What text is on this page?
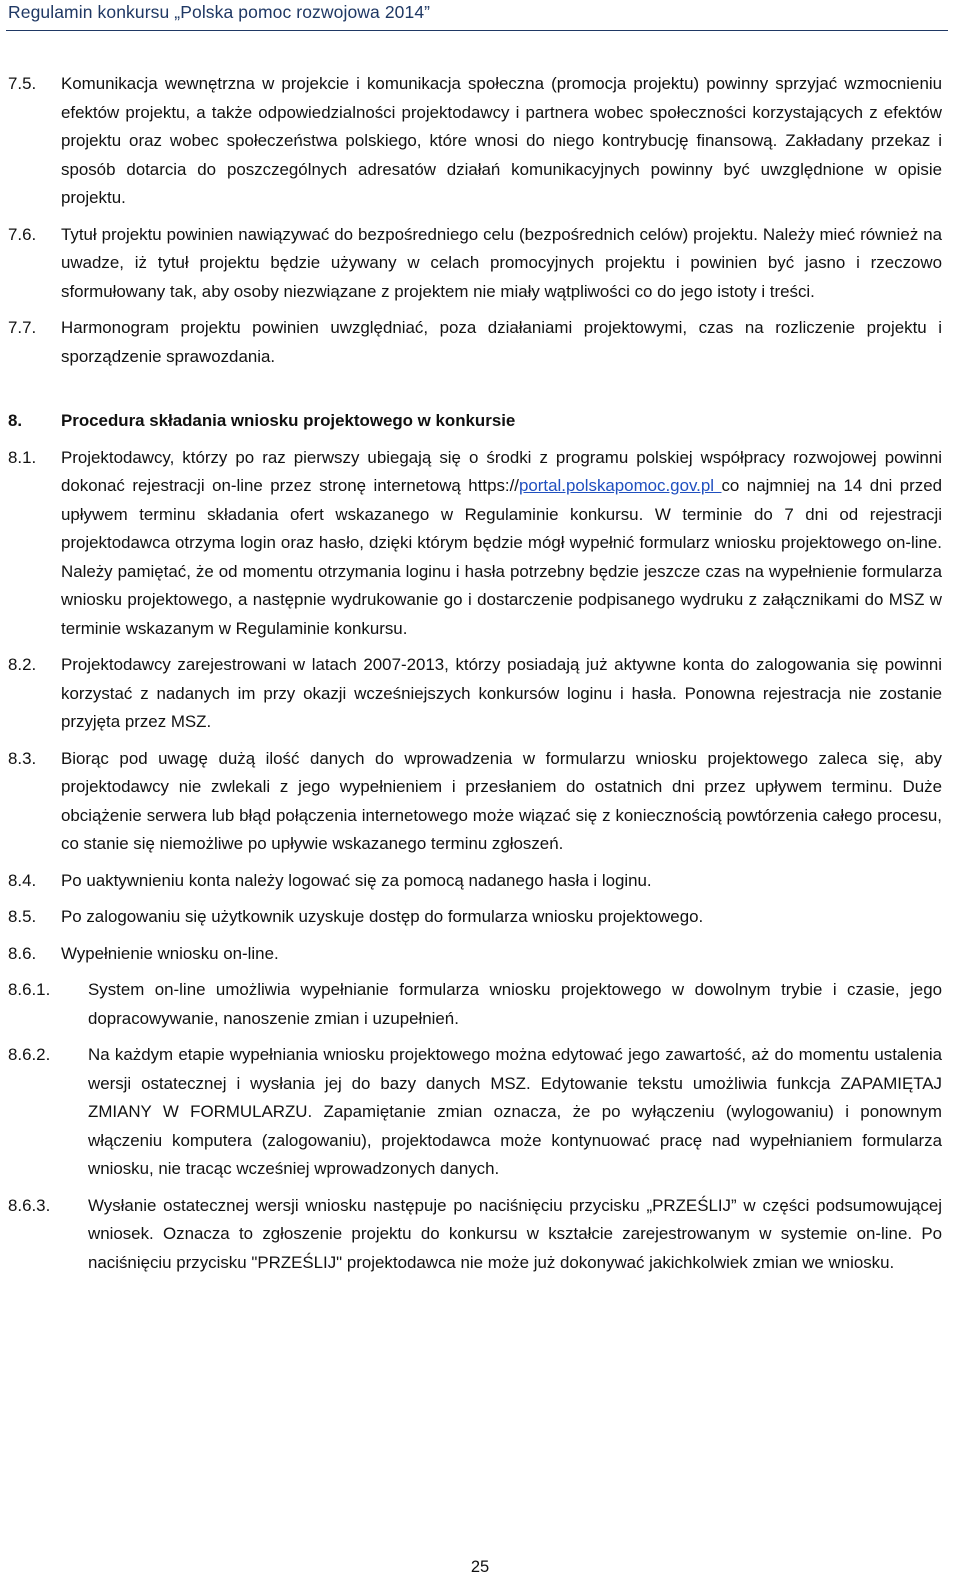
Regulamin konkursu „Polska pomoc rozwojowa 2014”
7.5.	Komunikacja wewnętrzna w projekcie i komunikacja społeczna (promocja projektu) powinny sprzyjać wzmocnieniu efektów projektu, a także odpowiedzialności projektodawcy i partnera wobec społeczności korzystających z efektów projektu oraz wobec społeczeństwa polskiego, które wnosi do niego kontrybucję finansową. Zakładany przekaz i sposób dotarcia do poszczególnych adresatów działań komunikacyjnych powinny być uwzględnione w opisie projektu.
7.6.	Tytuł projektu powinien nawiązywać do bezpośredniego celu (bezpośrednich celów) projektu. Należy mieć również na uwadze, iż tytuł projektu będzie używany w celach promocyjnych projektu i powinien być jasno i rzeczowo sformułowany tak, aby osoby niezwiązane z projektem nie miały wątpliwości co do jego istoty i treści.
7.7.	Harmonogram projektu powinien uwzględniać, poza działaniami projektowymi, czas na rozliczenie projektu i sporządzenie sprawozdania.
8.	Procedura składania wniosku projektowego w konkursie
8.1.	Projektodawcy, którzy po raz pierwszy ubiegają się o środki z programu polskiej współpracy rozwojowej powinni dokonać rejestracji on-line przez stronę internetową https://portal.polskapomoc.gov.pl co najmniej na 14 dni przed upływem terminu składania ofert wskazanego w Regulaminie konkursu. W terminie do 7 dni od rejestracji projektodawca otrzyma login oraz hasło, dzięki którym będzie mógł wypełnić formularz wniosku projektowego on-line. Należy pamiętać, że od momentu otrzymania loginu i hasła potrzebny będzie jeszcze czas na wypełnienie formularza wniosku projektowego, a następnie wydrukowanie go i dostarczenie podpisanego wydruku z załącznikami do MSZ w terminie wskazanym w Regulaminie konkursu.
8.2.	Projektodawcy zarejestrowani w latach 2007-2013, którzy posiadają już aktywne konta do zalogowania się powinni korzystać z nadanych im przy okazji wcześniejszych konkursów loginu i hasła. Ponowna rejestracja nie zostanie przyjęta przez MSZ.
8.3.	Biorąc pod uwagę dużą ilość danych do wprowadzenia w formularzu wniosku projektowego zaleca się, aby projektodawcy nie zwlekali z jego wypełnieniem i przesłaniem do ostatnich dni przez upływem terminu. Duże obciążenie serwera lub błąd połączenia internetowego może wiązać się z koniecznością powtórzenia całego procesu, co stanie się niemożliwe po upływie wskazanego terminu zgłoszeń.
8.4.	Po uaktywnieniu konta należy logować się za pomocą nadanego hasła i loginu.
8.5.	Po zalogowaniu się użytkownik uzyskuje dostęp do formularza wniosku projektowego.
8.6.	Wypełnienie wniosku on-line.
8.6.1.	System on-line umożliwia wypełnianie formularza wniosku projektowego w dowolnym trybie i czasie, jego dopracowywanie, nanoszenie zmian i uzupełnień.
8.6.2.	Na każdym etapie wypełniania wniosku projektowego można edytować jego zawartość, aż do momentu ustalenia wersji ostatecznej i wysłania jej do bazy danych MSZ. Edytowanie tekstu umożliwia funkcja ZAPAMIĘTAJ ZMIANY W FORMULARZU. Zapamiętanie zmian oznacza, że po wyłączeniu (wylogowaniu) i ponownym włączeniu komputera (zalogowaniu), projektodawca może kontynuować pracę nad wypełnianiem formularza wniosku, nie tracąc wcześniej wprowadzonych danych.
8.6.3.	Wysłanie ostatecznej wersji wniosku następuje po naciśnięciu przycisku „PRZEŚLIJ” w części podsumowującej wniosek. Oznacza to zgłoszenie projektu do konkursu w kształcie zarejestrowanym w systemie on-line. Po naciśnięciu przycisku "PRZEŚLIJ" projektodawca nie może już dokonywać jakichkolwiek zmian we wniosku.
25
